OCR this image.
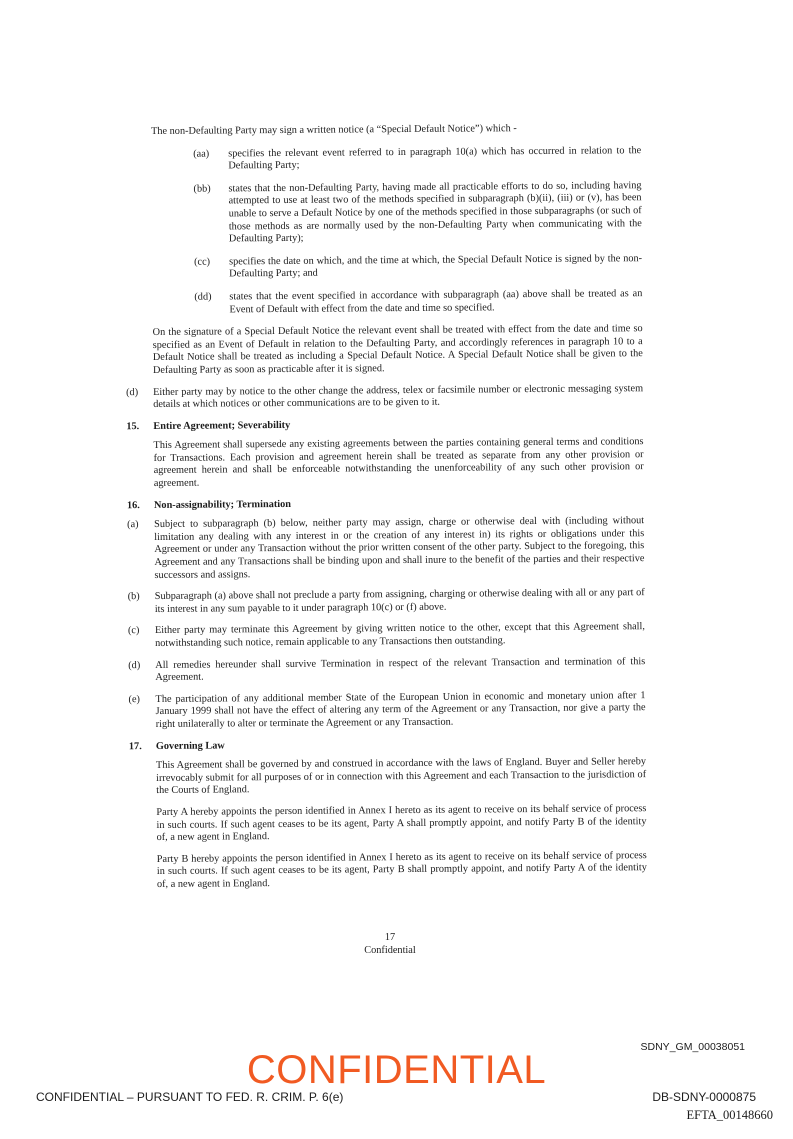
The non-Defaulting Party may sign a written notice (a “Special Default Notice”) which -

(aa) specifies the relevant event referred to in paragraph 10(a) which has occurred in relation to the Defaulting Party;
(bb) states that the non-Defaulting Party, having made all practicable efforts to do so, including having attempted to use at least two of the methods specified in subparagraph (b)(ii), (iii) or (v), has been unable to serve a Default Notice by one of the methods specified in those subparagraphs (or such of those methods as are normally used by the non-Defaulting Party when communicating with the Defaulting Party);
(cc) specifies the date on which, and the time at which, the Special Default Notice is signed by the non-Defaulting Party; and
(dd) states that the event specified in accordance with subparagraph (aa) above shall be treated as an Event of Default with effect from the date and time so specified.

On the signature of a Special Default Notice the relevant event shall be treated with effect from the date and time so specified as an Event of Default in relation to the Defaulting Party, and accordingly references in paragraph 10 to a Default Notice shall be treated as including a Special Default Notice. A Special Default Notice shall be given to the Defaulting Party as soon as practicable after it is signed.

(d) Either party may by notice to the other change the address, telex or facsimile number or electronic messaging system details at which notices or other communications are to be given to it.
15. Entire Agreement; Severability

This Agreement shall supersede any existing agreements between the parties containing general terms and conditions for Transactions. Each provision and agreement herein shall be treated as separate from any other provision or agreement herein and shall be enforceable notwithstanding the unenforceability of any such other provision or agreement.

16. Non-assignability; Termination
(a) Subject to subparagraph (b) below, neither party may assign, charge or otherwise deal with (including without limitation any dealing with any interest in or the creation of any interest in) its rights or obligations under this Agreement or under any Transaction without the prior written consent of the other party. Subject to the foregoing, this Agreement and any Transactions shall be binding upon and shall inure to the benefit of the parties and their respective successors and assigns.
(b) Subparagraph (a) above shall not preclude a party from assigning, charging or otherwise dealing with all or any part of its interest in any sum payable to it under paragraph 10(c) or (f) above.
(c) Either party may terminate this Agreement by giving written notice to the other, except that this Agreement shall, notwithstanding such notice, remain applicable to any Transactions then outstanding.
(d) All remedies hereunder shall survive Termination in respect of the relevant Transaction and termination of this Agreement.
(e) The participation of any additional member State of the European Union in economic and monetary union after 1 January 1999 shall not have the effect of altering any term of the Agreement or any Transaction, nor give a party the right unilaterally to alter or terminate the Agreement or any Transaction.
17. Governing Law

This Agreement shall be governed by and construed in accordance with the laws of England. Buyer and Seller hereby irrevocably submit for all purposes of or in connection with this Agreement and each Transaction to the jurisdiction of the Courts of England.

Party A hereby appoints the person identified in Annex I hereto as its agent to receive on its behalf service of process in such courts. If such agent ceases to be its agent, Party A shall promptly appoint, and notify Party B of the identity of, a new agent in England.

Party B hereby appoints the person identified in Annex I hereto as its agent to receive on its behalf service of process in such courts. If such agent ceases to be its agent, Party B shall promptly appoint, and notify Party A of the identity of, a new agent in England.

17
Confidential
SDNY_GM_00038051
CONFIDENTIAL
CONFIDENTIAL – PURSUANT TO FED. R. CRIM. P. 6(e)	DB-SDNY-0000875
EFTA_00148660
